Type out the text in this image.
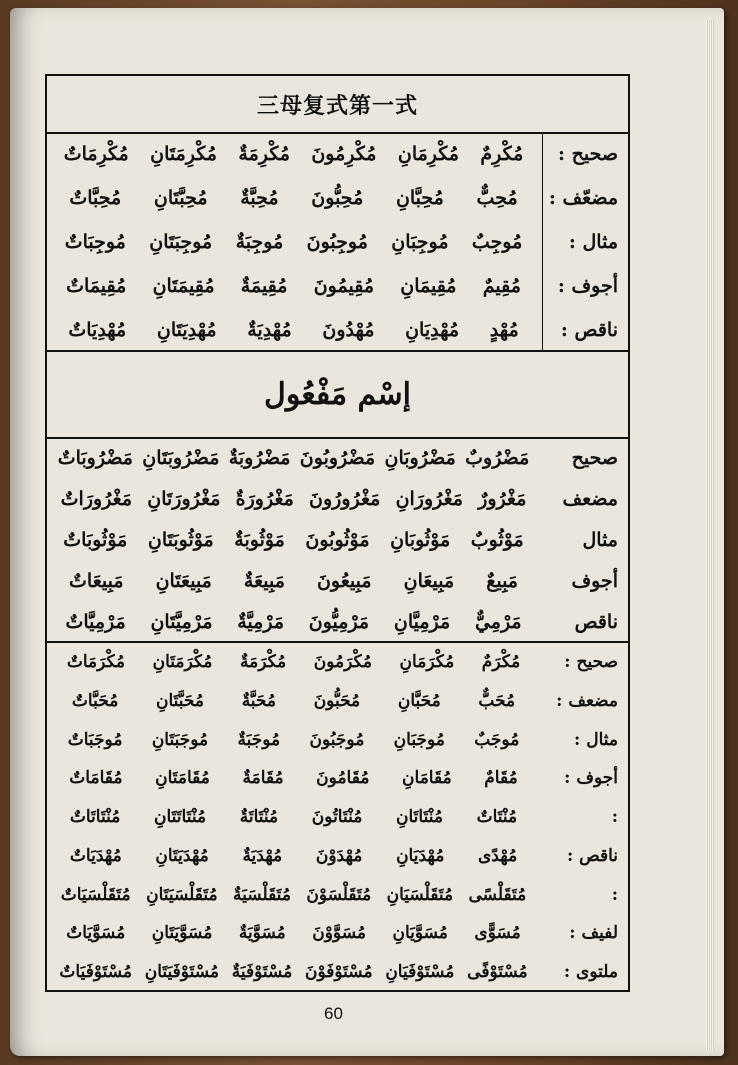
三母复式第一式
صحيح :
مُكْرِمٌ
مُكْرِمَانِ
مُكْرِمُونَ
مُكْرِمَةٌ
مُكْرِمَتَانِ
مُكْرِمَاتٌ
مضعّف :
مُحِبٌّ
مُحِبَّانِ
مُحِبُّونَ
مُحِبَّةٌ
مُحِبَّتَانِ
مُحِبَّاتٌ
مثال :
مُوجِبٌ
مُوجِبَانِ
مُوجِبُونَ
مُوجِبَةٌ
مُوجِبَتَانِ
مُوجِبَاتٌ
أجوف :
مُقِيمٌ
مُقِيمَانِ
مُقِيمُونَ
مُقِيمَةٌ
مُقِيمَتَانِ
مُقِيمَاتٌ
ناقص :
مُهْدٍ
مُهْدِيَانِ
مُهْدُونَ
مُهْدِيَةٌ
مُهْدِيَتَانِ
مُهْدِيَاتٌ
إسْم مَفْعُول
صحيح
مَضْرُوبٌ
مَضْرُوبَانِ
مَضْرُوبُونَ
مَضْرُوبَةٌ
مَضْرُوبَتَانِ
مَضْرُوبَاتٌ
مضعف
مَغْرُورٌ
مَغْرُورَانِ
مَغْرُورُونَ
مَغْرُورَةٌ
مَغْرُورَتَانِ
مَغْرُورَاتٌ
مثال
مَوْثُوبٌ
مَوْثُوبَانِ
مَوْثُوبُونَ
مَوْثُوبَةٌ
مَوْثُوبَتَانِ
مَوْثُوبَاتٌ
أجوف
مَبِيعٌ
مَبِيعَانِ
مَبِيعُونَ
مَبِيعَةٌ
مَبِيعَتَانِ
مَبِيعَاتٌ
ناقص
مَرْمِيٌّ
مَرْمِيَّانِ
مَرْمِيُّونَ
مَرْمِيَّةٌ
مَرْمِيَّتَانِ
مَرْمِيَّاتٌ
صحيح :
مُكْرَمٌ
مُكْرَمَانِ
مُكْرَمُونَ
مُكْرَمَةٌ
مُكْرَمَتَانِ
مُكْرَمَاتٌ
مضعف :
مُحَبٌّ
مُحَبَّانِ
مُحَبُّونَ
مُحَبَّةٌ
مُحَبَّتَانِ
مُحَبَّاتٌ
مثال :
مُوجَبٌ
مُوجَبَانِ
مُوجَبُونَ
مُوجَبَةٌ
مُوجَبَتَانِ
مُوجَبَاتٌ
أجوف :
مُقَامٌ
مُقَامَانِ
مُقَامُونَ
مُقَامَةٌ
مُقَامَتَانِ
مُقَامَاتٌ
:
مُنْتَاتٌ
مُنْتَاتَانِ
مُنْتَاتُونَ
مُنْتَاتَةٌ
مُنْتَاتَتَانِ
مُنْتَاتَاتٌ
ناقص :
مُهْدًى
مُهْدَيَانِ
مُهْدَوْنَ
مُهْدَيَةٌ
مُهْدَيَتَانِ
مُهْدَيَاتٌ
:
مُتَقَلْسًى
مُتَقَلْسَيَانِ
مُتَقَلْسَوْنَ
مُتَقَلْسَيَةٌ
مُتَقَلْسَيَتَانِ
مُتَقَلْسَيَاتٌ
لفيف :
مُسَوًّى
مُسَوَّيَانِ
مُسَوَّوْنَ
مُسَوَّيَةٌ
مُسَوَّيَتَانِ
مُسَوَّيَاتٌ
ملتوى :
مُسْتَوْفًى
مُسْتَوْفَيَانِ
مُسْتَوْفَوْنَ
مُسْتَوْفَيَةٌ
مُسْتَوْفَيَتَانِ
مُسْتَوْفَيَاتٌ
60
